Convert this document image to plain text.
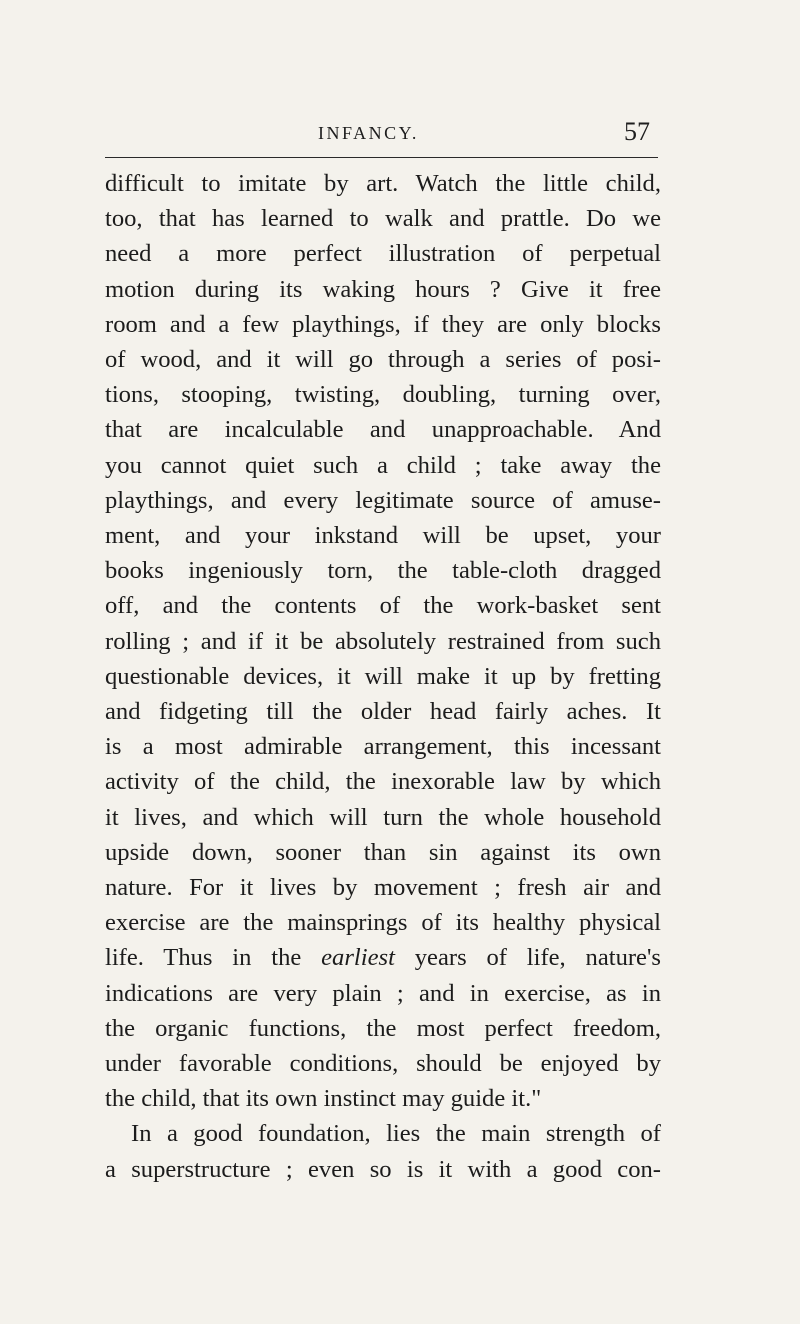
INFANCY.	57
difficult to imitate by art. Watch the little child,
too, that has learned to walk and prattle. Do we
need a more perfect illustration of perpetual
motion during its waking hours ? Give it free
room and a few playthings, if they are only blocks
of wood, and it will go through a series of posi-
tions, stooping, twisting, doubling, turning over,
that are incalculable and unapproachable. And
you cannot quiet such a child ; take away the
playthings, and every legitimate source of amuse-
ment, and your inkstand will be upset, your
books ingeniously torn, the table-cloth dragged
off, and the contents of the work-basket sent
rolling ; and if it be absolutely restrained from such
questionable devices, it will make it up by fretting
and fidgeting till the older head fairly aches. It
is a most admirable arrangement, this incessant
activity of the child, the inexorable law by which
it lives, and which will turn the whole household
upside down, sooner than sin against its own
nature. For it lives by movement ; fresh air and
exercise are the mainsprings of its healthy physical
life. Thus in the earliest years of life, nature's
indications are very plain ; and in exercise, as in
the organic functions, the most perfect freedom,
under favorable conditions, should be enjoyed by
the child, that its own instinct may guide it."
In a good foundation, lies the main strength of
a superstructure ; even so is it with a good con-
